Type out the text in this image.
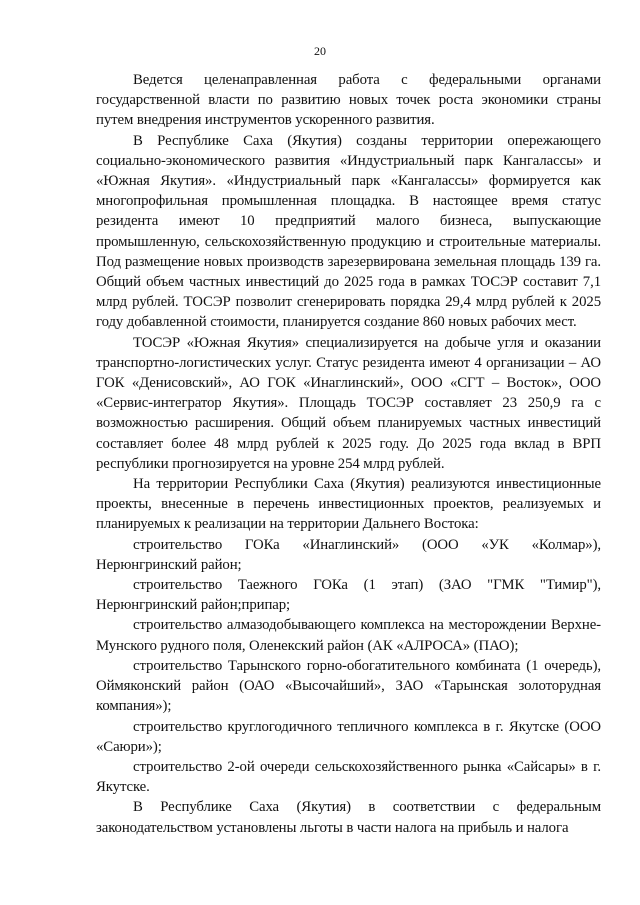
20

Ведется целенаправленная работа с федеральными органами государственной власти по развитию новых точек роста экономики страны путем внедрения инструментов ускоренного развития.

В Республике Саха (Якутия) созданы территории опережающего социально-экономического развития «Индустриальный парк Кангалассы» и «Южная Якутия». «Индустриальный парк «Кангалассы» формируется как многопрофильная промышленная площадка. В настоящее время статус резидента имеют 10 предприятий малого бизнеса, выпускающие промышленную, сельскохозяйственную продукцию и строительные материалы. Под размещение новых производств зарезервирована земельная площадь 139 га. Общий объем частных инвестиций до 2025 года в рамках ТОСЭР составит 7,1 млрд рублей. ТОСЭР позволит сгенерировать порядка 29,4 млрд рублей к 2025 году добавленной стоимости, планируется создание 860 новых рабочих мест.

ТОСЭР «Южная Якутия» специализируется на добыче угля и оказании транспортно-логистических услуг. Статус резидента имеют 4 организации – АО ГОК «Денисовский», АО ГОК «Инаглинский», ООО «СГТ – Восток», ООО «Сервис-интегратор Якутия». Площадь ТОСЭР составляет 23 250,9 га с возможностью расширения. Общий объем планируемых частных инвестиций составляет более 48 млрд рублей к 2025 году. До 2025 года вклад в ВРП республики прогнозируется на уровне 254 млрд рублей.

На территории Республики Саха (Якутия) реализуются инвестиционные проекты, внесенные в перечень инвестиционных проектов, реализуемых и планируемых к реализации на территории Дальнего Востока:

строительство ГОКа «Инаглинский» (ООО «УК «Колмар»), Нерюнгринский район;

строительство Таежного ГОКа (1 этап) (ЗАО "ГМК "Тимир"), Нерюнгринский район;припар;

строительство алмазодобывающего комплекса на месторождении Верхне-Мунского рудного поля, Оленекский район (АК «АЛРОСА» (ПАО);

строительство Тарынского горно-обогатительного комбината (1 очередь), Оймяконский район (ОАО «Высочайший», ЗАО «Тарынская золоторудная компания»);

строительство круглогодичного тепличного комплекса в г. Якутске (ООО «Саюри»);

строительство 2-ой очереди сельскохозяйственного рынка «Сайсары» в г. Якутске.

В Республике Саха (Якутия) в соответствии с федеральным законодательством установлены льготы в части налога на прибыль и налога
